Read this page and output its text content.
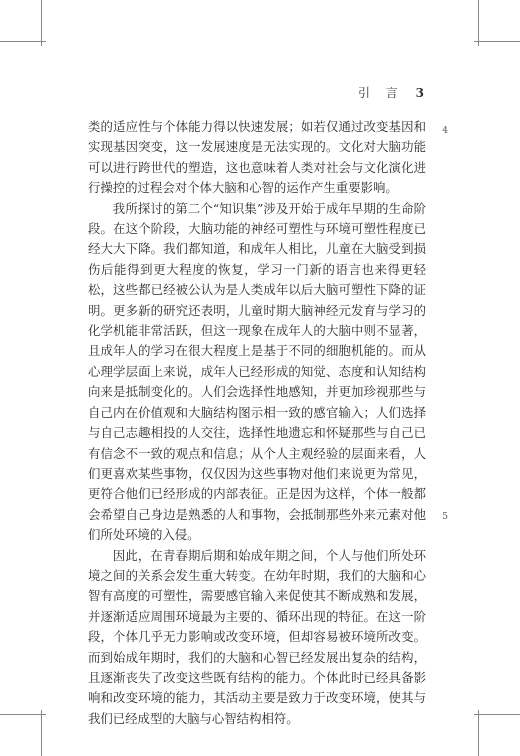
引 言 3
4
5

类的适应性与个体能力得以快速发展；如若仅通过改变基因和实现基因突变，这一发展速度是无法实现的。文化对大脑功能可以进行跨世代的塑造，这也意味着人类对社会与文化演化进行操控的过程会对个体大脑和心智的运作产生重要影响。

我所探讨的第二个“知识集”涉及开始于成年早期的生命阶段。在这个阶段，大脑功能的神经可塑性与环境可塑性程度已经大大下降。我们都知道，和成年人相比，儿童在大脑受到损伤后能得到更大程度的恢复，学习一门新的语言也来得更轻松，这些都已经被公认为是人类成年以后大脑可塑性下降的证明。更多新的研究还表明，儿童时期大脑神经元发育与学习的化学机能非常活跃，但这一现象在成年人的大脑中则不显著，且成年人的学习在很大程度上是基于不同的细胞机能的。而从心理学层面上来说，成年人已经形成的知觉、态度和认知结构向来是抵制变化的。人们会选择性地感知，并更加珍视那些与自己内在价值观和大脑结构图示相一致的感官输入；人们选择与自己志趣相投的人交往，选择性地遗忘和怀疑那些与自己已有信念不一致的观点和信息；从个人主观经验的层面来看，人们更喜欢某些事物，仅仅因为这些事物对他们来说更为常见，更符合他们已经形成的内部表征。正是因为这样，个体一般都会希望自己身边是熟悉的人和事物，会抵制那些外来元素对他们所处环境的入侵。

因此，在青春期后期和始成年期之间，个人与他们所处环境之间的关系会发生重大转变。在幼年时期，我们的大脑和心智有高度的可塑性，需要感官输入来促使其不断成熟和发展，并逐渐适应周围环境最为主要的、循环出现的特征。在这一阶段，个体几乎无力影响或改变环境，但却容易被环境所改变。而到始成年期时，我们的大脑和心智已经发展出复杂的结构，且逐渐丧失了改变这些既有结构的能力。个体此时已经具备影响和改变环境的能力，其活动主要是致力于改变环境，使其与我们已经成型的大脑与心智结构相符。
